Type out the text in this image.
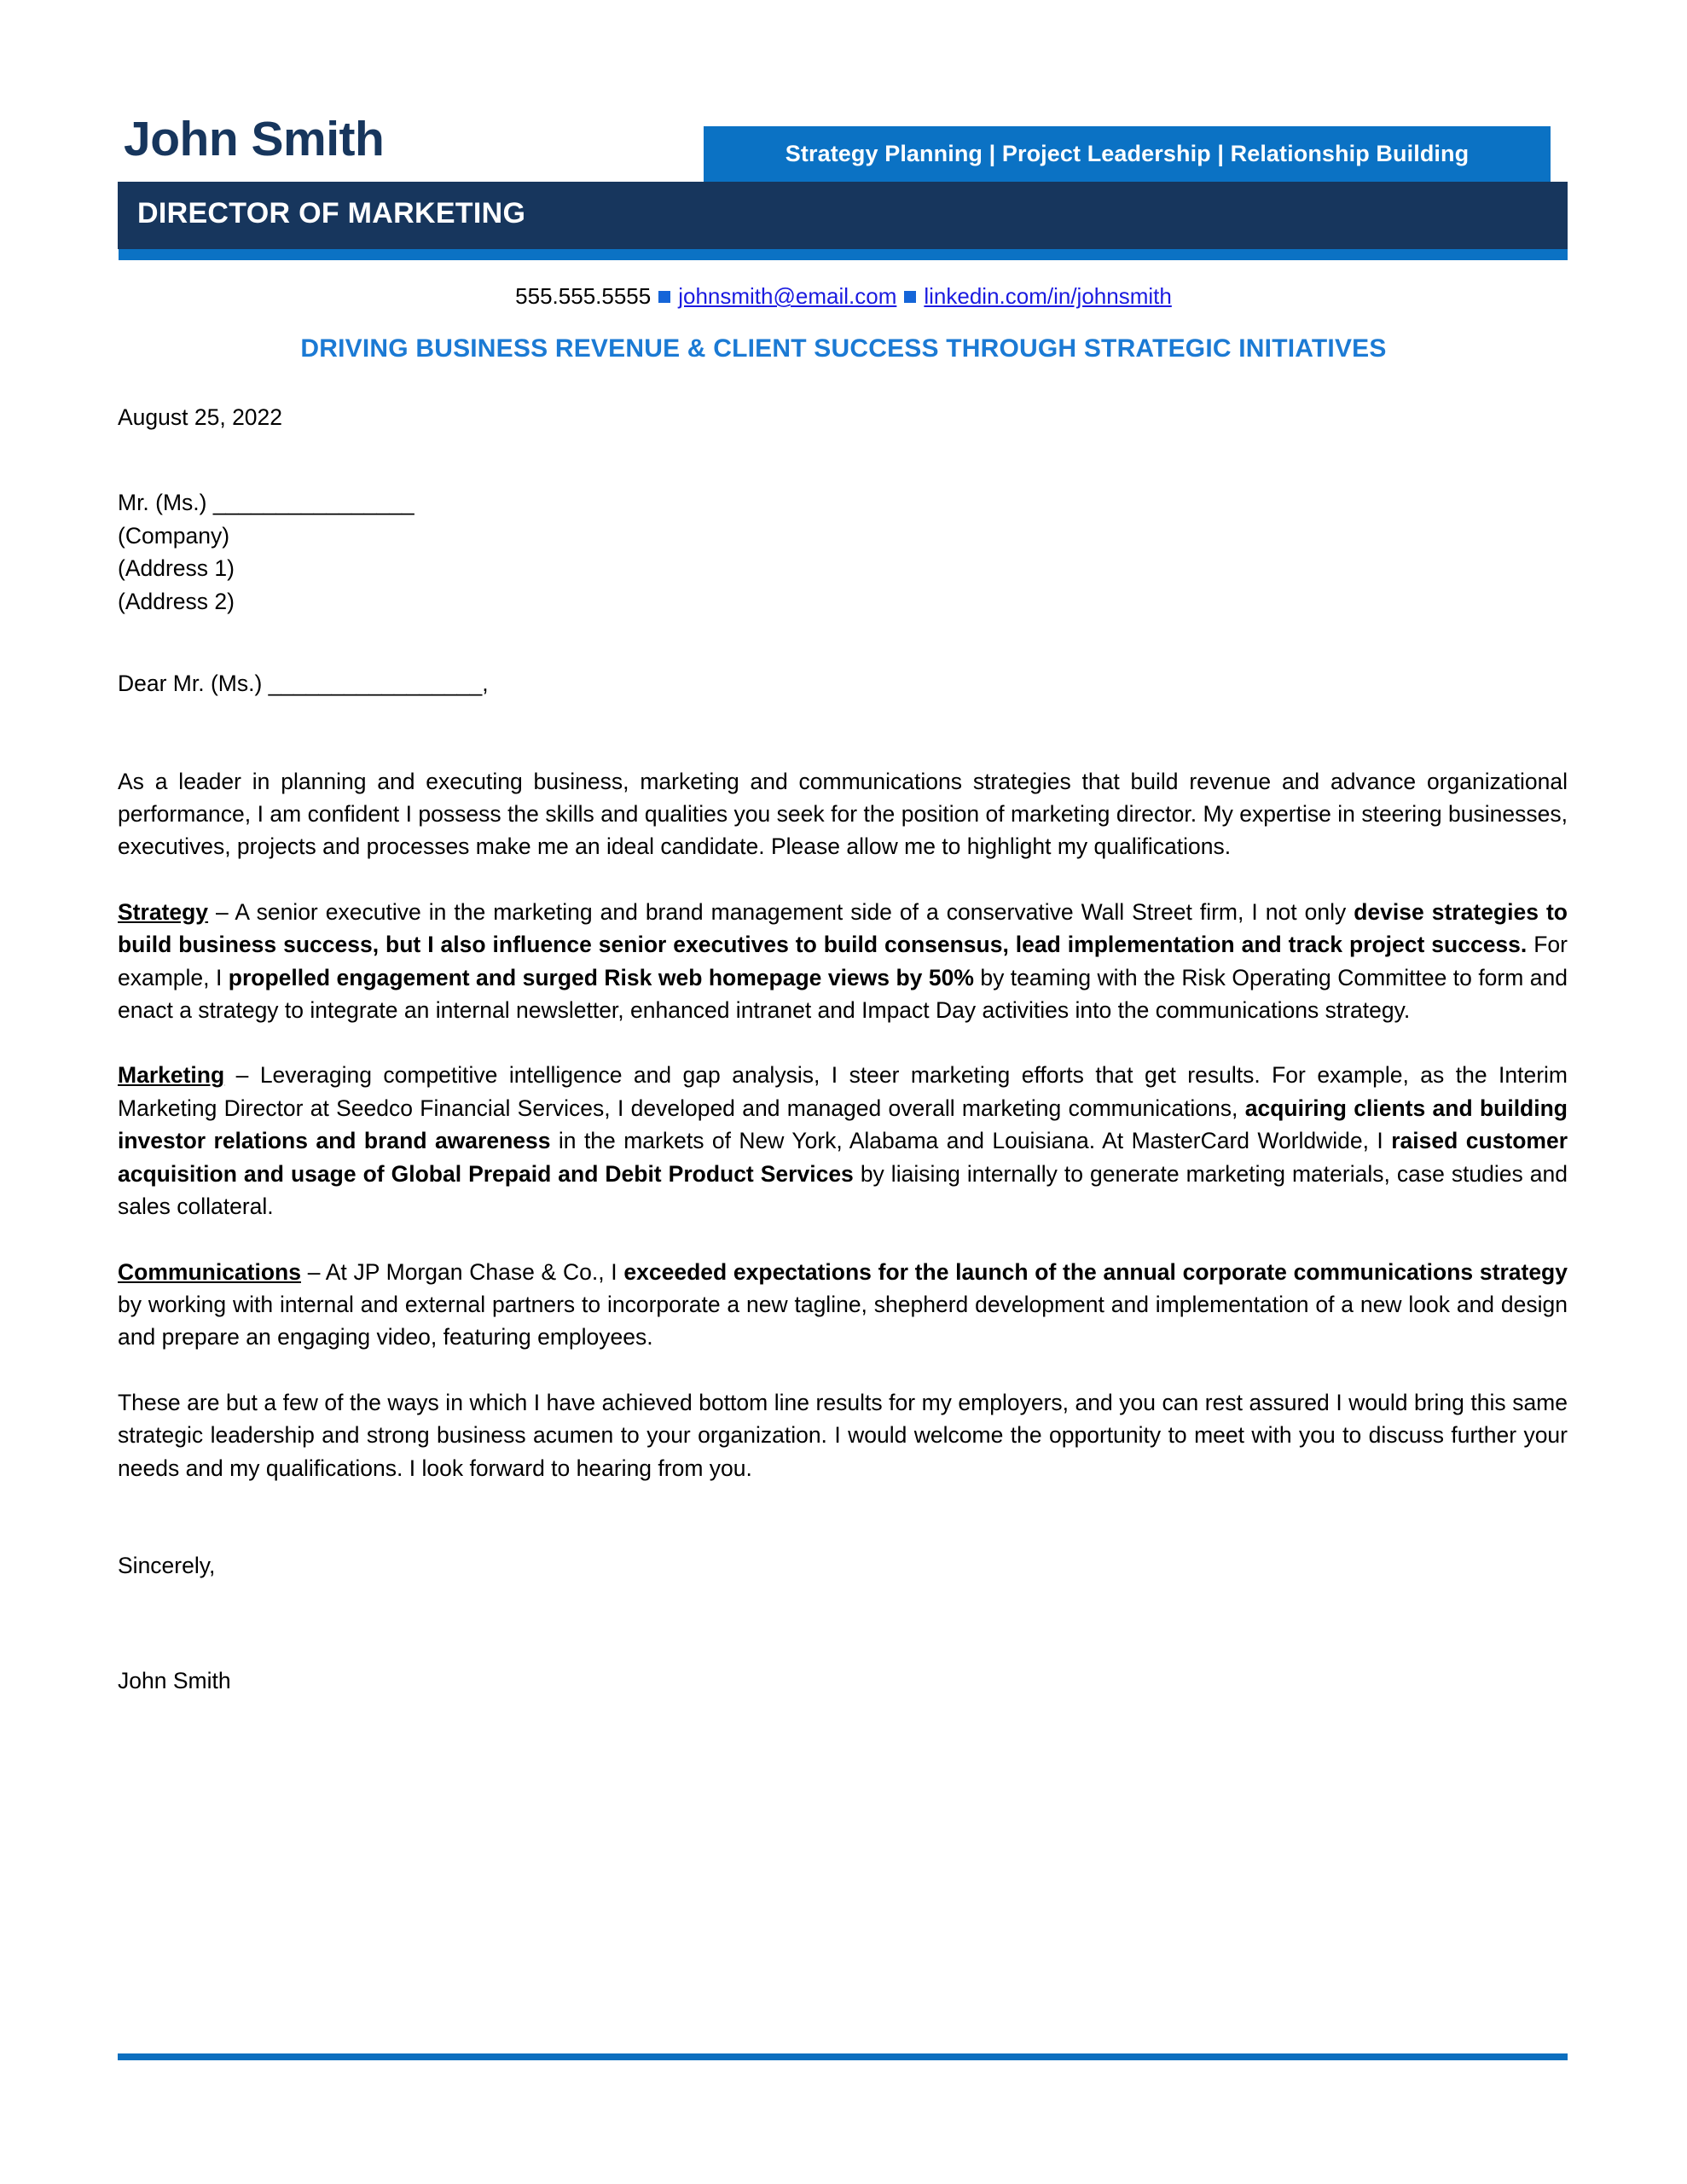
John Smith	Strategy Planning | Project Leadership | Relationship Building
DIRECTOR OF MARKETING
555.555.5555 johnsmith@email.com linkedin.com/in/johnsmith
DRIVING BUSINESS REVENUE & CLIENT SUCCESS THROUGH STRATEGIC INITIATIVES
August 25, 2022
Mr. (Ms.) ________________
(Company)
(Address 1)
(Address 2)
Dear Mr. (Ms.) _________________,

As a leader in planning and executing business, marketing and communications strategies that build revenue and advance organizational performance, I am confident I possess the skills and qualities you seek for the position of marketing director. My expertise in steering businesses, executives, projects and processes make me an ideal candidate. Please allow me to highlight my qualifications.

Strategy – A senior executive in the marketing and brand management side of a conservative Wall Street firm, I not only devise strategies to build business success, but I also influence senior executives to build consensus, lead implementation and track project success. For example, I propelled engagement and surged Risk web homepage views by 50% by teaming with the Risk Operating Committee to form and enact a strategy to integrate an internal newsletter, enhanced intranet and Impact Day activities into the communications strategy.

Marketing – Leveraging competitive intelligence and gap analysis, I steer marketing efforts that get results. For example, as the Interim Marketing Director at Seedco Financial Services, I developed and managed overall marketing communications, acquiring clients and building investor relations and brand awareness in the markets of New York, Alabama and Louisiana. At MasterCard Worldwide, I raised customer acquisition and usage of Global Prepaid and Debit Product Services by liaising internally to generate marketing materials, case studies and sales collateral.

Communications – At JP Morgan Chase & Co., I exceeded expectations for the launch of the annual corporate communications strategy by working with internal and external partners to incorporate a new tagline, shepherd development and implementation of a new look and design and prepare an engaging video, featuring employees.

These are but a few of the ways in which I have achieved bottom line results for my employers, and you can rest assured I would bring this same strategic leadership and strong business acumen to your organization. I would welcome the opportunity to meet with you to discuss further your needs and my qualifications. I look forward to hearing from you.

Sincerely,
John Smith
